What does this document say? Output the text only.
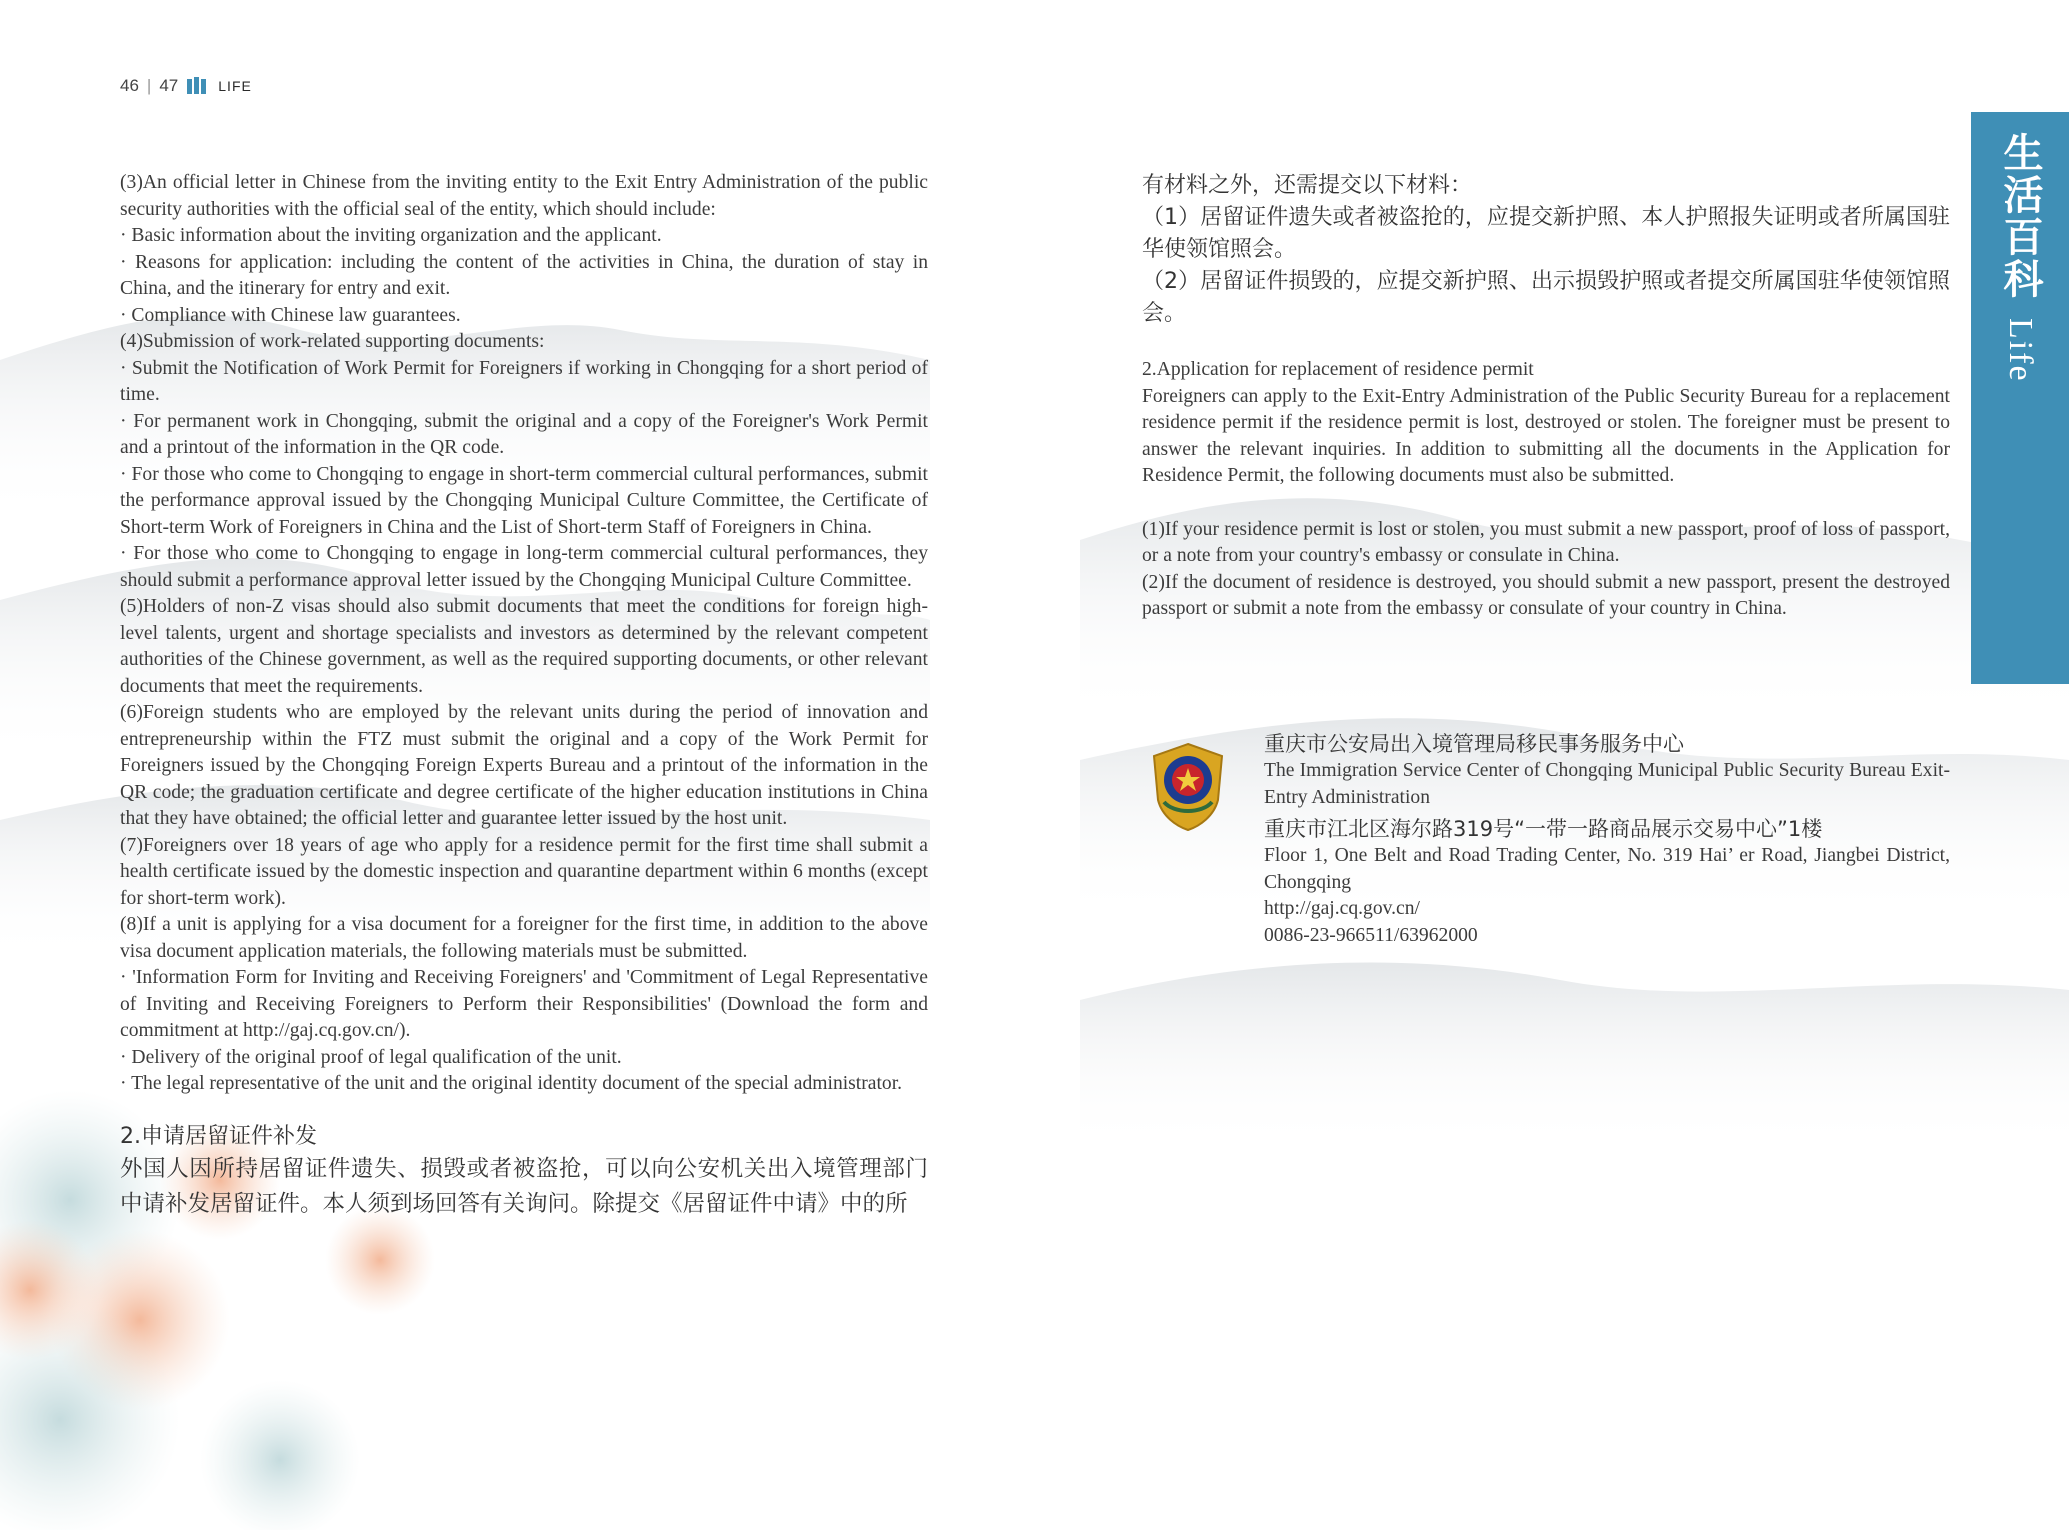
46 | 47	LIFE

(3)An official letter in Chinese from the inviting entity to the Exit Entry Administration of the public security authorities with the official seal of the entity, which should include:

· Basic information about the inviting organization and the applicant.

· Reasons for application: including the content of the activities in China, the duration of stay in China, and the itinerary for entry and exit.

· Compliance with Chinese law guarantees.

(4)Submission of work-related supporting documents:

· Submit the Notification of Work Permit for Foreigners if working in Chongqing for a short period of time.

· For permanent work in Chongqing, submit the original and a copy of the Foreigner's Work Permit and a printout of the information in the QR code.

· For those who come to Chongqing to engage in short-term commercial cultural performances, submit the performance approval issued by the Chongqing Municipal Culture Committee, the Certificate of Short-term Work of Foreigners in China and the List of Short-term Staff of Foreigners in China.

· For those who come to Chongqing to engage in long-term commercial cultural performances, they should submit a performance approval letter issued by the Chongqing Municipal Culture Committee.

(5)Holders of non-Z visas should also submit documents that meet the conditions for foreign high- level talents, urgent and shortage specialists and investors as determined by the relevant competent authorities of the Chinese government, as well as the required supporting documents, or other relevant documents that meet the requirements.

(6)Foreign students who are employed by the relevant units during the period of innovation and entrepreneurship within the FTZ must submit the original and a copy of the Work Permit for Foreigners issued by the Chongqing Foreign Experts Bureau and a printout of the information in the QR code; the graduation certificate and degree certificate of the higher education institutions in China that they have obtained; the official letter and guarantee letter issued by the host unit.

(7)Foreigners over 18 years of age who apply for a residence permit for the first time shall submit a health certificate issued by the domestic inspection and quarantine department within 6 months (except for short-term work).

(8)If a unit is applying for a visa document for a foreigner for the first time, in addition to the above visa document application materials, the following materials must be submitted.

· 'Information Form for Inviting and Receiving Foreigners' and 'Commitment of Legal Representative of Inviting and Receiving Foreigners to Perform their Responsibilities' (Download the form and commitment at http://gaj.cq.gov.cn/).

· Delivery of the original proof of legal qualification of the unit.

· The legal representative of the unit and the original identity document of the special administrator.

2.申请居留证件补发
外国人因所持居留证件遗失、损毁或者被盗抢，可以向公安机关出入境管理部门中请补发居留证件。本人须到场回答有关询问。除提交《居留证件中请》中的所

有材料之外，还需提交以下材料：

（1）居留证件遗失或者被盗抢的，应提交新护照、本人护照报失证明或者所属国驻华使领馆照会。

（2）居留证件损毁的，应提交新护照、出示损毁护照或者提交所属国驻华使领馆照会。

2.Application for replacement of residence permit

Foreigners can apply to the Exit-Entry Administration of the Public Security Bureau for a replacement residence permit if the residence permit is lost, destroyed or stolen. The foreigner must be present to answer the relevant inquiries. In addition to submitting all the documents in the Application for Residence Permit, the following documents must also be submitted.

(1)If your residence permit is lost or stolen, you must submit a new passport, proof of loss of passport, or a note from your country's embassy or consulate in China.

(2)If the document of residence is destroyed, you should submit a new passport, present the destroyed passport or submit a note from the embassy or consulate of your country in China.

重庆市公安局出入境管理局移民事务服务中心
The Immigration Service Center of Chongqing Municipal Public Security Bureau Exit-Entry Administration
重庆市江北区海尔路319号“一带一路商品展示交易中心”1楼
Floor 1, One Belt and Road Trading Center, No. 319 Hai’ er Road, Jiangbei District, Chongqing
http://gaj.cq.gov.cn/
0086-23-966511/63962000
生活百科
Life
